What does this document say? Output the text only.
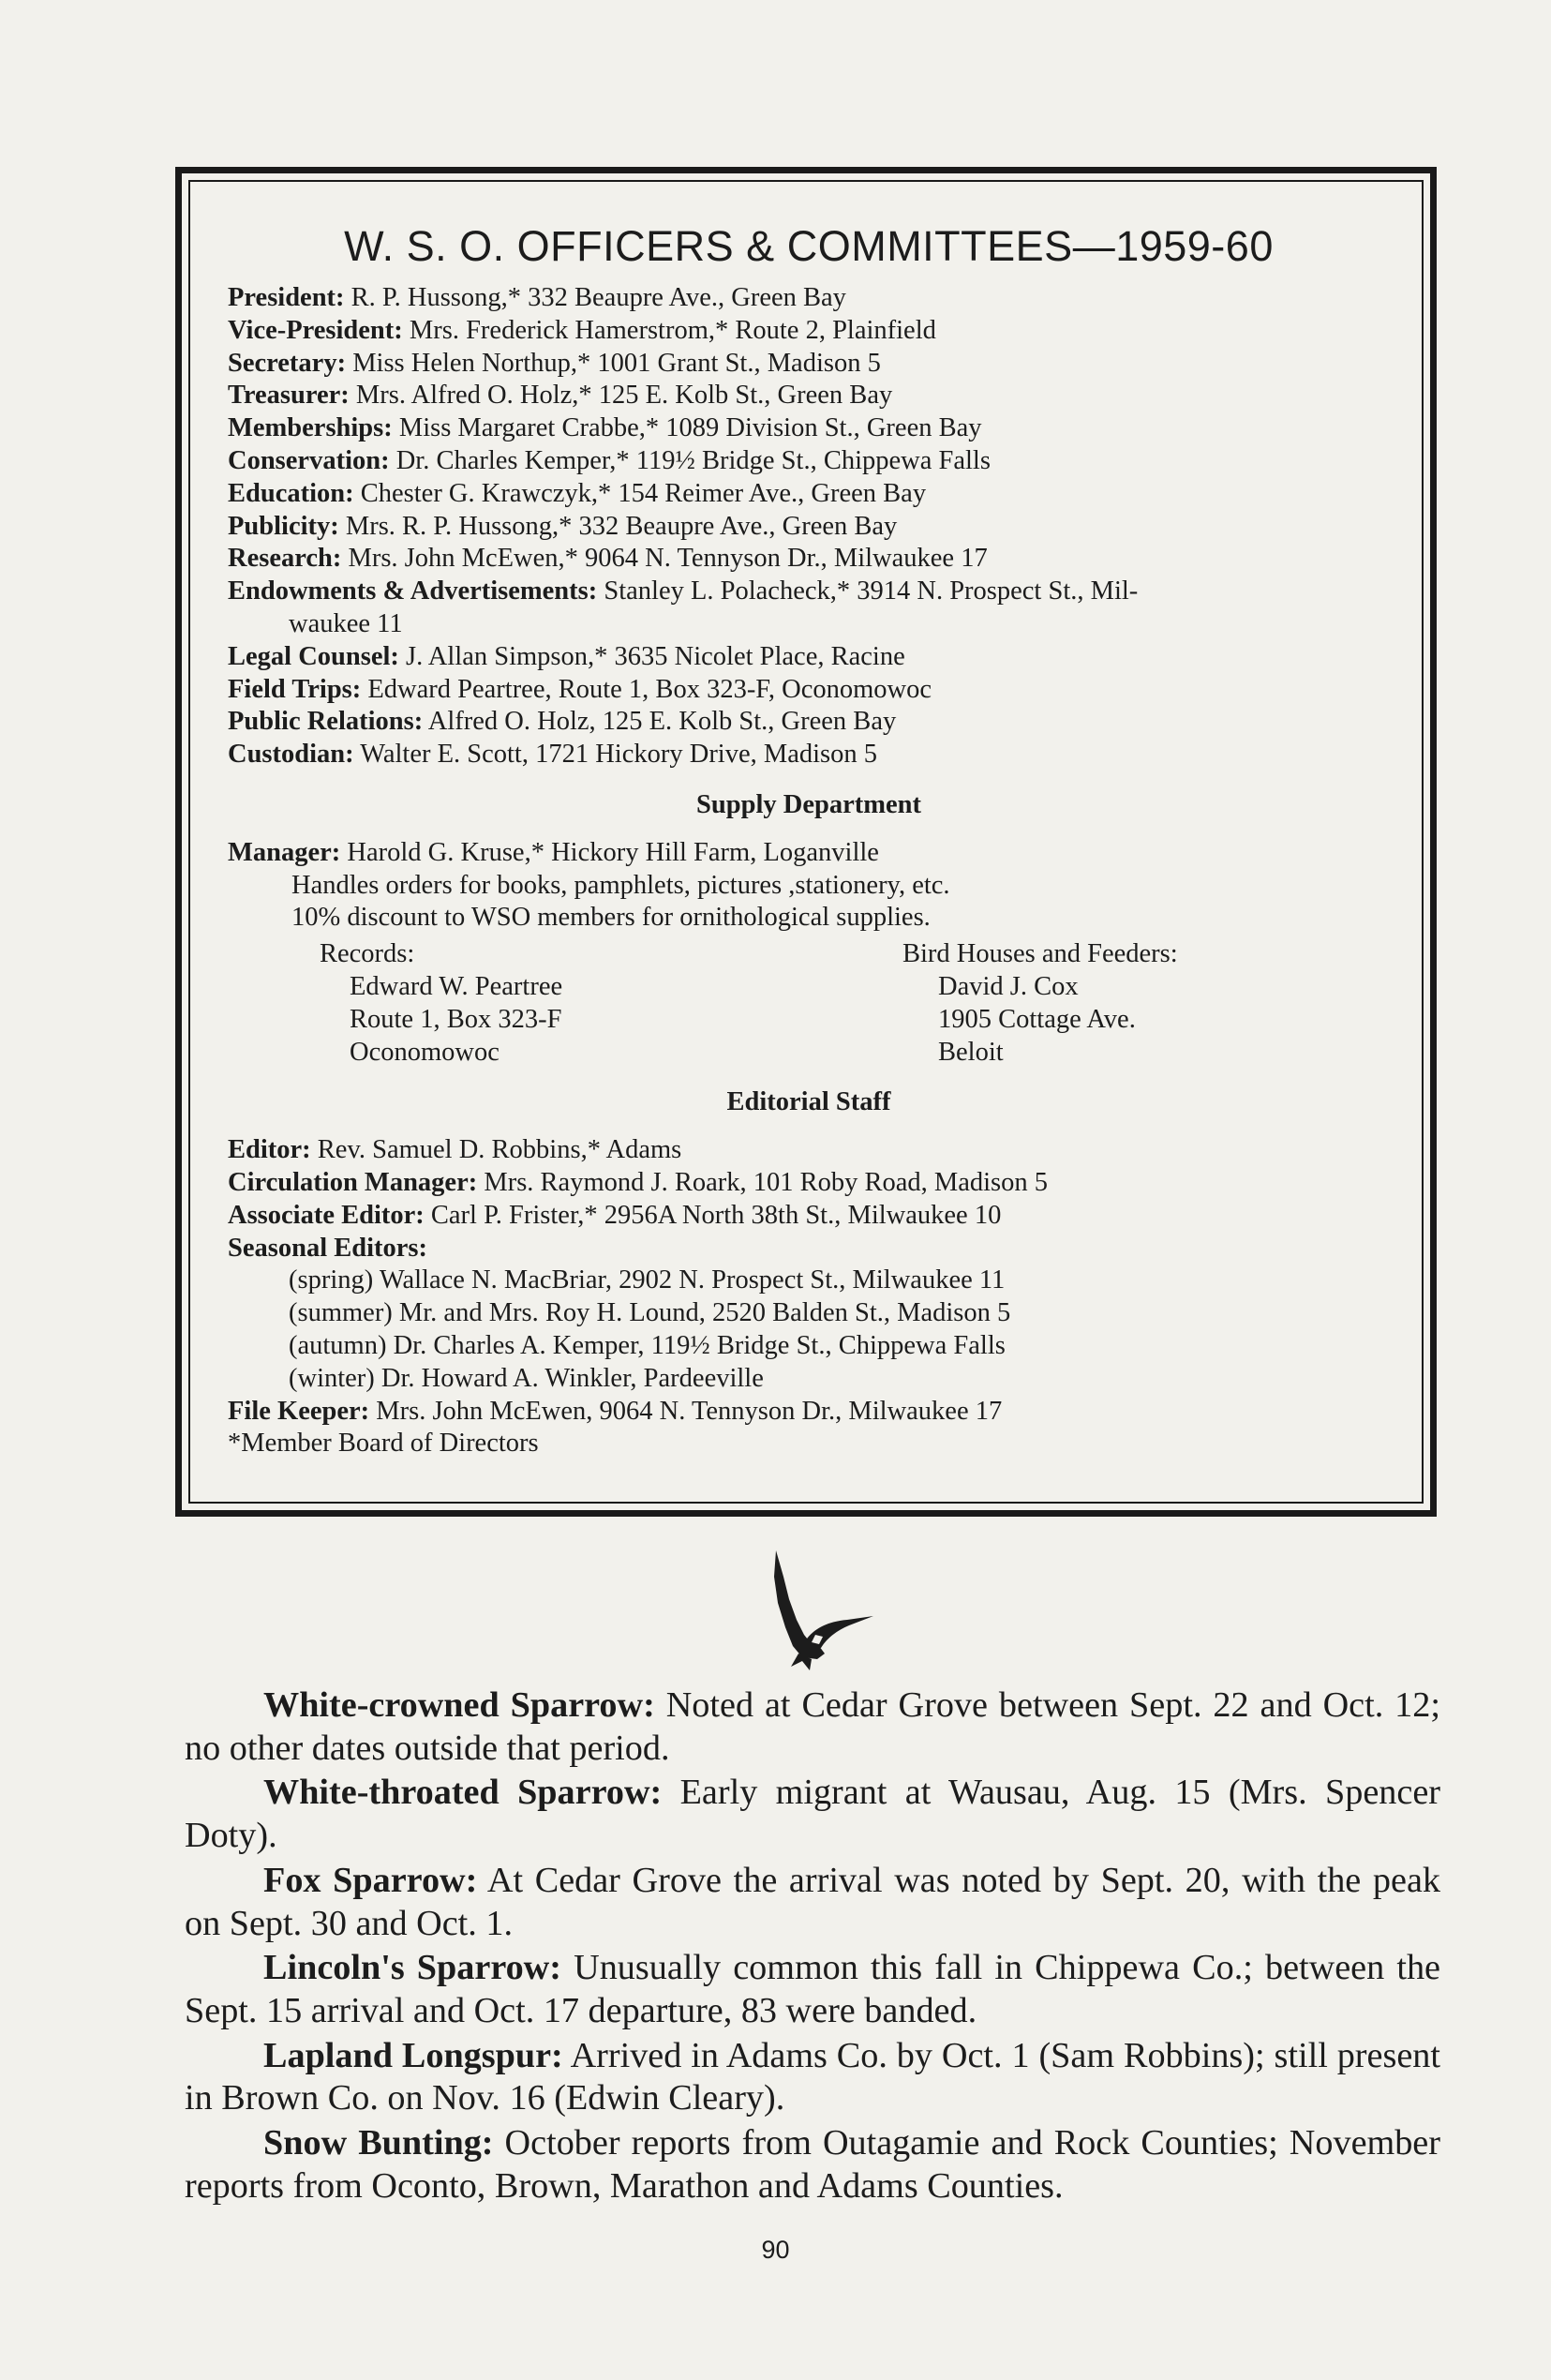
W. S. O. OFFICERS & COMMITTEES—1959-60

President: R. P. Hussong,* 332 Beaupre Ave., Green Bay

Vice-President: Mrs. Frederick Hamerstrom,* Route 2, Plainfield

Secretary: Miss Helen Northup,* 1001 Grant St., Madison 5

Treasurer: Mrs. Alfred O. Holz,* 125 E. Kolb St., Green Bay

Memberships: Miss Margaret Crabbe,* 1089 Division St., Green Bay

Conservation: Dr. Charles Kemper,* 119½ Bridge St., Chippewa Falls

Education: Chester G. Krawczyk,* 154 Reimer Ave., Green Bay

Publicity: Mrs. R. P. Hussong,* 332 Beaupre Ave., Green Bay

Research: Mrs. John McEwen,* 9064 N. Tennyson Dr., Milwaukee 17

Endowments & Advertisements: Stanley L. Polacheck,* 3914 N. Prospect St., Mil-

waukee 11

Legal Counsel: J. Allan Simpson,* 3635 Nicolet Place, Racine

Field Trips: Edward Peartree, Route 1, Box 323-F, Oconomowoc

Public Relations: Alfred O. Holz, 125 E. Kolb St., Green Bay

Custodian: Walter E. Scott, 1721 Hickory Drive, Madison 5

Supply Department

Manager: Harold G. Kruse,* Hickory Hill Farm, Loganville

Handles orders for books, pamphlets, pictures ,stationery, etc.

10% discount to WSO members for ornithological supplies.

Records:

Edward W. Peartree

Route 1, Box 323-F

Oconomowoc

Bird Houses and Feeders:

David J. Cox

1905 Cottage Ave.

Beloit

Editorial Staff

Editor: Rev. Samuel D. Robbins,* Adams

Circulation Manager: Mrs. Raymond J. Roark, 101 Roby Road, Madison 5

Associate Editor: Carl P. Frister,* 2956A North 38th St., Milwaukee 10

Seasonal Editors:

(spring) Wallace N. MacBriar, 2902 N. Prospect St., Milwaukee 11

(summer) Mr. and Mrs. Roy H. Lound, 2520 Balden St., Madison 5

(autumn) Dr. Charles A. Kemper, 119½ Bridge St., Chippewa Falls

(winter) Dr. Howard A. Winkler, Pardeeville

File Keeper: Mrs. John McEwen, 9064 N. Tennyson Dr., Milwaukee 17

*Member Board of Directors

White-crowned Sparrow: Noted at Cedar Grove between Sept. 22 and Oct. 12; no other dates outside that period.

White-throated Sparrow: Early migrant at Wausau, Aug. 15 (Mrs. Spencer Doty).

Fox Sparrow: At Cedar Grove the arrival was noted by Sept. 20, with the peak on Sept. 30 and Oct. 1.

Lincoln's Sparrow: Unusually common this fall in Chippewa Co.; between the Sept. 15 arrival and Oct. 17 departure, 83 were banded.

Lapland Longspur: Arrived in Adams Co. by Oct. 1 (Sam Robbins); still present in Brown Co. on Nov. 16 (Edwin Cleary).

Snow Bunting: October reports from Outagamie and Rock Counties; November reports from Oconto, Brown, Marathon and Adams Counties.

90
